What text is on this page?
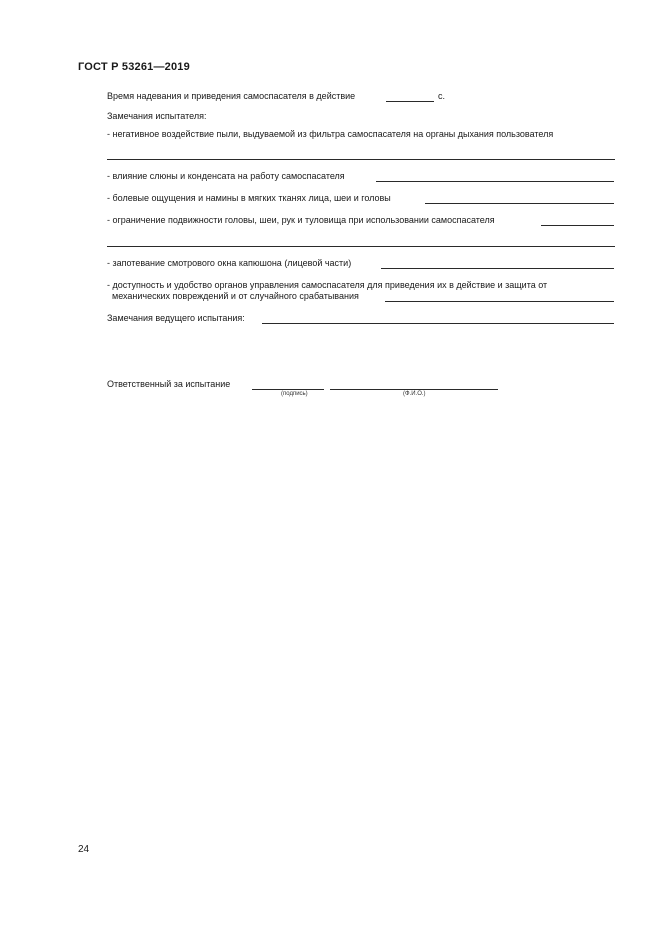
ГОСТ Р 53261—2019
Время надевания и приведения самоспасателя в действие	с.
Замечания испытателя:
- негативное воздействие пыли, выдуваемой из фильтра самоспасателя на органы дыхания пользователя
- влияние слюны и конденсата на работу самоспасателя
- болевые ощущения и намины в мягких тканях лица, шеи и головы
- ограничение подвижности головы, шеи, рук и туловища при использовании самоспасателя
- запотевание смотрового окна капюшона (лицевой части)
- доступность и удобство органов управления самоспасателя для приведения их в действие и защита от
механических повреждений и от случайного срабатывания
Замечания ведущего испытания:
Ответственный за испытание
(подпись)	(Ф.И.О.)
24
